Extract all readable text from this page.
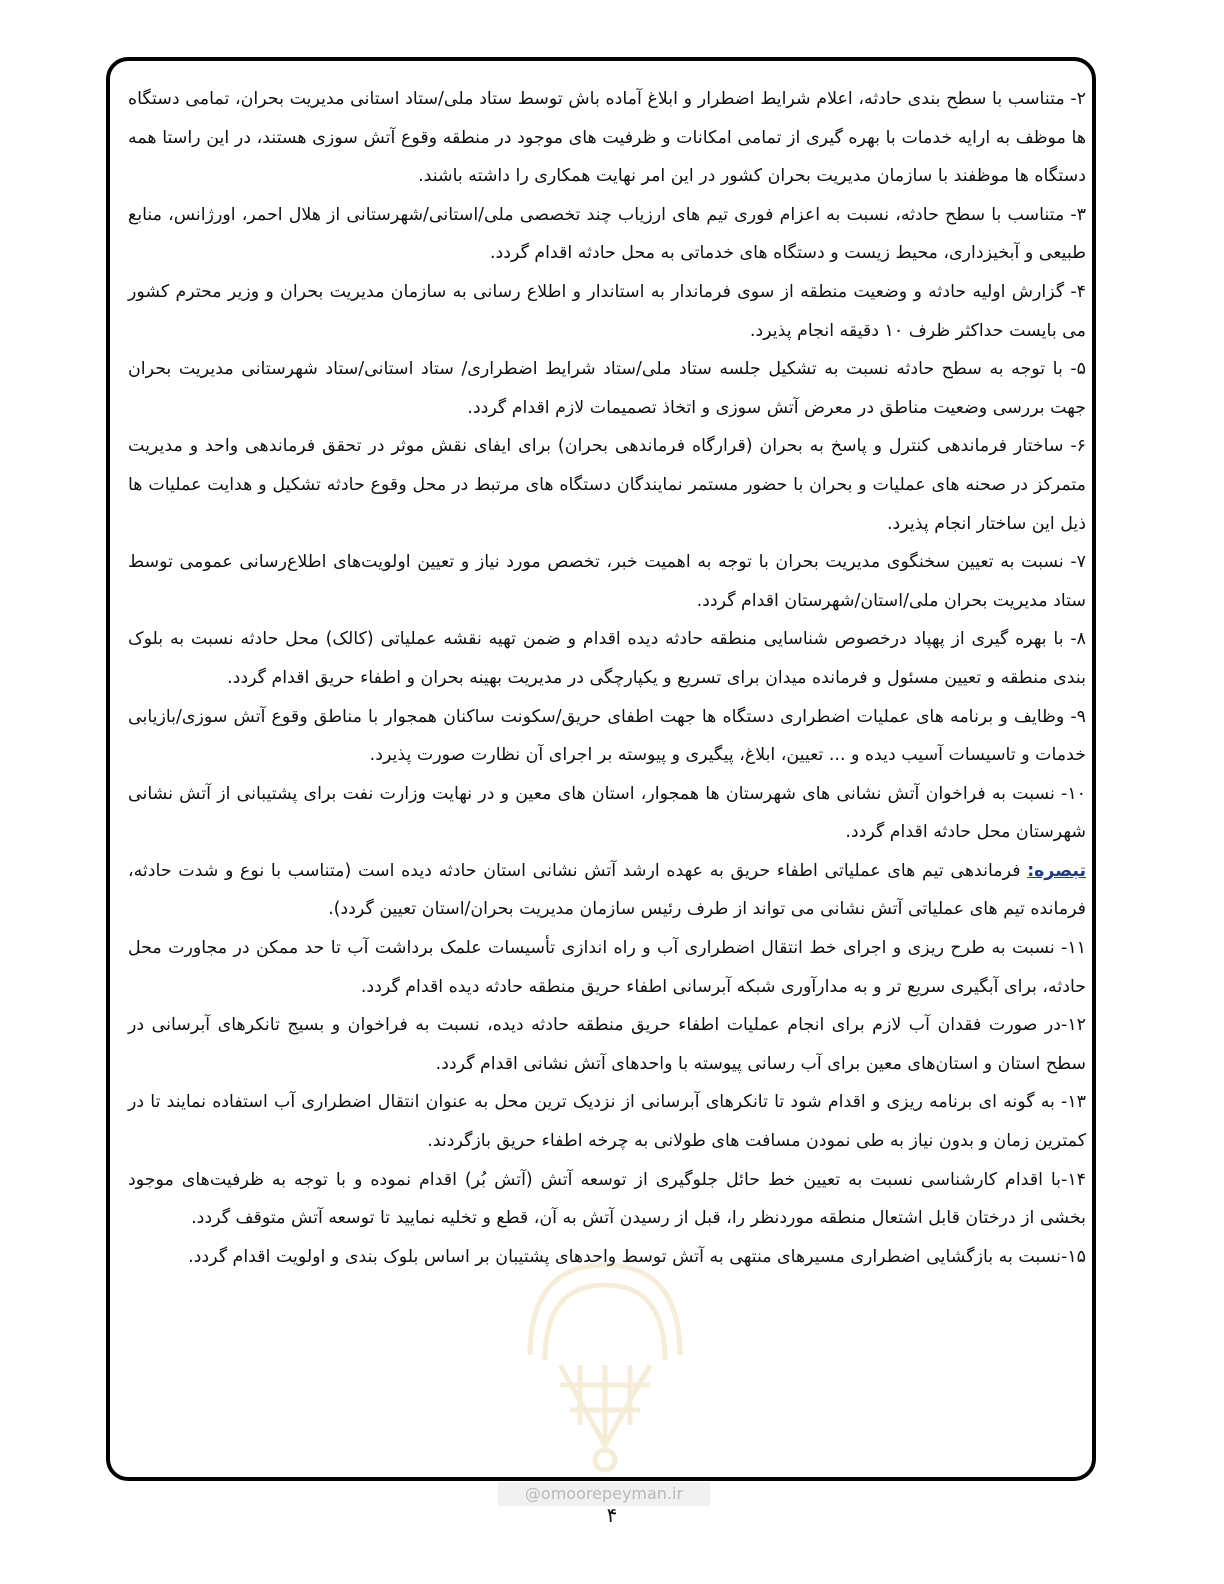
۲- متناسب با سطح بندی حادثه، اعلام شرایط اضطرار و ابلاغ آماده باش توسط ستاد ملی/ستاد استانی مدیریت بحران، تمامی دستگاه ها موظف به ارایه خدمات با بهره گیری از تمامی امکانات و ظرفیت های موجود در منطقه وقوع آتش سوزی هستند، در این راستا همه دستگاه ها موظفند با سازمان مدیریت بحران کشور در این امر نهایت همکاری را داشته باشند.

۳- متناسب با سطح حادثه، نسبت به اعزام فوری تیم های ارزیاب چند تخصصی ملی/استانی/شهرستانی از هلال احمر، اورژانس، منابع طبیعی و آبخیزداری، محیط زیست و دستگاه های خدماتی به محل حادثه اقدام گردد.

۴- گزارش اولیه حادثه و وضعیت منطقه از سوی فرماندار به استاندار و اطلاع رسانی به سازمان مدیریت بحران و وزیر محترم کشور می بایست حداکثر ظرف ۱۰ دقیقه انجام پذیرد.

۵- با توجه به سطح حادثه نسبت به تشکیل جلسه ستاد ملی/ستاد شرایط اضطراری/ ستاد استانی/ستاد شهرستانی مدیریت بحران جهت بررسی وضعیت مناطق در معرض آتش سوزی و اتخاذ تصمیمات لازم اقدام گردد.

۶- ساختار فرماندهی کنترل و پاسخ به بحران (قرارگاه فرماندهی بحران) برای ایفای نقش موثر در تحقق فرماندهی واحد و مدیریت متمرکز در صحنه های عملیات و بحران با حضور مستمر نمایندگان دستگاه های مرتبط در محل وقوع حادثه تشکیل و هدایت عملیات ها ذیل این ساختار انجام پذیرد.

۷- نسبت به تعیین سخنگوی مدیریت بحران با توجه به اهمیت خبر، تخصص مورد نیاز و تعیین اولویت‌های اطلاع‌رسانی عمومی توسط ستاد مدیریت بحران ملی/استان/شهرستان اقدام گردد.

۸- با بهره گیری از پهپاد درخصوص شناسایی منطقه حادثه دیده اقدام و ضمن تهیه نقشه عملیاتی (کالک) محل حادثه نسبت به بلوک بندی منطقه و تعیین مسئول و فرمانده میدان برای تسریع و یکپارچگی در مدیریت بهینه بحران و اطفاء حریق اقدام گردد.

۹- وظایف و برنامه های عملیات اضطراری دستگاه ها جهت اطفای حریق/سکونت ساکنان همجوار با مناطق وقوع آتش سوزی/بازیابی خدمات و تاسیسات آسیب دیده و ... تعیین، ابلاغ، پیگیری و پیوسته بر اجرای آن نظارت صورت پذیرد.

۱۰- نسبت به فراخوان آتش نشانی های شهرستان ها همجوار، استان های معین و در نهایت وزارت نفت برای پشتیبانی از آتش نشانی شهرستان محل حادثه اقدام گردد.

تبصره: فرماندهی تیم های عملیاتی اطفاء حریق به عهده ارشد آتش نشانی استان حادثه دیده است (متناسب با نوع و شدت حادثه، فرمانده تیم های عملیاتی آتش نشانی می تواند از طرف رئیس سازمان مدیریت بحران/استان تعیین گردد).

۱۱- نسبت به طرح ریزی و اجرای خط انتقال اضطراری آب و راه اندازی تأسیسات علمک برداشت آب تا حد ممکن در مجاورت محل حادثه، برای آبگیری سریع تر و به مدارآوری شبکه آبرسانی اطفاء حریق منطقه حادثه دیده اقدام گردد.

۱۲-در صورت فقدان آب لازم برای انجام عملیات اطفاء حریق منطقه حادثه دیده، نسبت به فراخوان و بسیج تانکرهای آبرسانی در سطح استان و استان‌های معین برای آب رسانی پیوسته با واحدهای آتش نشانی اقدام گردد.

۱۳- به گونه ای برنامه ریزی و اقدام شود تا تانکرهای آبرسانی از نزدیک ترین محل به عنوان انتقال اضطراری آب استفاده نمایند تا در کمترین زمان و بدون نیاز به طی نمودن مسافت های طولانی به چرخه اطفاء حریق بازگردند.

۱۴-با اقدام کارشناسی نسبت به تعیین خط حائل جلوگیری از توسعه آتش (آتش بُر) اقدام نموده و با توجه به ظرفیت‌های موجود بخشی از درختان قابل اشتعال منطقه مورد‌نظر را، قبل از رسیدن آتش به آن، قطع و تخلیه نمایید تا توسعه آتش متوقف گردد.

۱۵-نسبت به بازگشایی اضطراری مسیرهای منتهی به آتش توسط واحدهای پشتیبان بر اساس بلوک بندی و اولویت اقدام گردد.

@omoorepeyman.ir
۴
